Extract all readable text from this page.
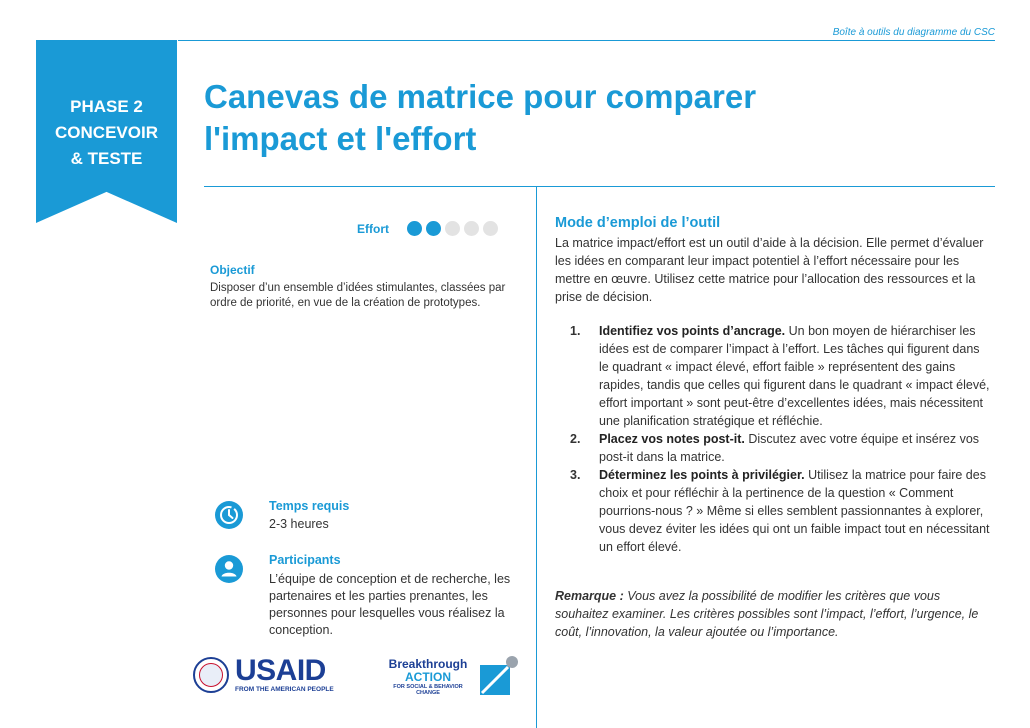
Boîte à outils du diagramme du CSC
PHASE 2
CONCEVOIR
& TESTE
Canevas de matrice pour comparer
l'impact et l'effort
Effort
Objectif
Disposer d’un ensemble d’idées stimulantes, classées par ordre de priorité, en vue de la création de prototypes.
Temps requis
2-3 heures
Participants
L’équipe de conception et de recherche, les partenaires et les parties prenantes, les personnes pour lesquelles vous réalisez la conception.
USAID
FROM THE AMERICAN PEOPLE
Breakthrough
ACTION
FOR SOCIAL & BEHAVIOR CHANGE
Mode d’emploi de l’outil
La matrice impact/effort est un outil d’aide à la décision. Elle permet d’évaluer les idées en comparant leur impact potentiel à l’effort nécessaire pour les mettre en œuvre. Utilisez cette matrice pour l’allocation des ressources et la prise de décision.
1.	Identifiez vos points d’ancrage. Un bon moyen de hiérarchiser les idées est de comparer l’impact à l’effort. Les tâches qui figurent dans le quadrant « impact élevé, effort faible » représentent des gains rapides, tandis que celles qui figurent dans le quadrant « impact élevé, effort important » sont peut-être d’excellentes idées, mais nécessitent une planification stratégique et réfléchie.
2.	Placez vos notes post-it. Discutez avec votre équipe et insérez vos post-it dans la matrice.
3.	Déterminez les points à privilégier. Utilisez la matrice pour faire des choix et pour réfléchir à la pertinence de la question « Comment pourrions-nous ? » Même si elles semblent passionnantes à explorer, vous devez éviter les idées qui ont un faible impact tout en nécessitant un effort élevé.
Remarque : Vous avez la possibilité de modifier les critères que vous souhaitez examiner. Les critères possibles sont l’impact, l’effort, l’urgence, le coût, l’innovation, la valeur ajoutée ou l’importance.
